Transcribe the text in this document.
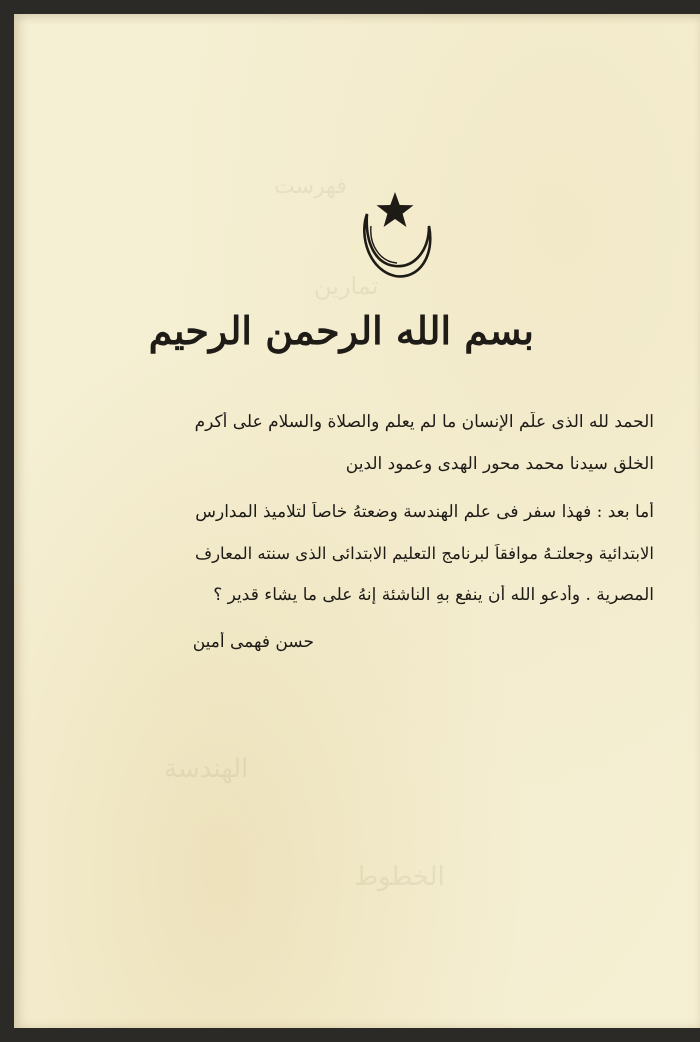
بسم الله الرحمن الرحيم
الحمد لله الذى علّم الإنسان ما لم يعلم والصلاة والسلام على أكرم
الخلق سيدنا محمد محور الهدى وعمود الدين
أما بعد : فهذا سفر فى علم الهندسة وضعتهُ خاصاً لتلاميذ المدارس
الابتدائية وجعلتـهُ موافقاً لبرنامج التعليم الابتدائى الذى سنته المعارف
المصرية . وأدعو الله أن ينفع بهِ الناشئة إنهُ على ما يشاء قدير ؟
حسن فهمى أمين
فهرست
تمارين
الهندسة
الخطوط
